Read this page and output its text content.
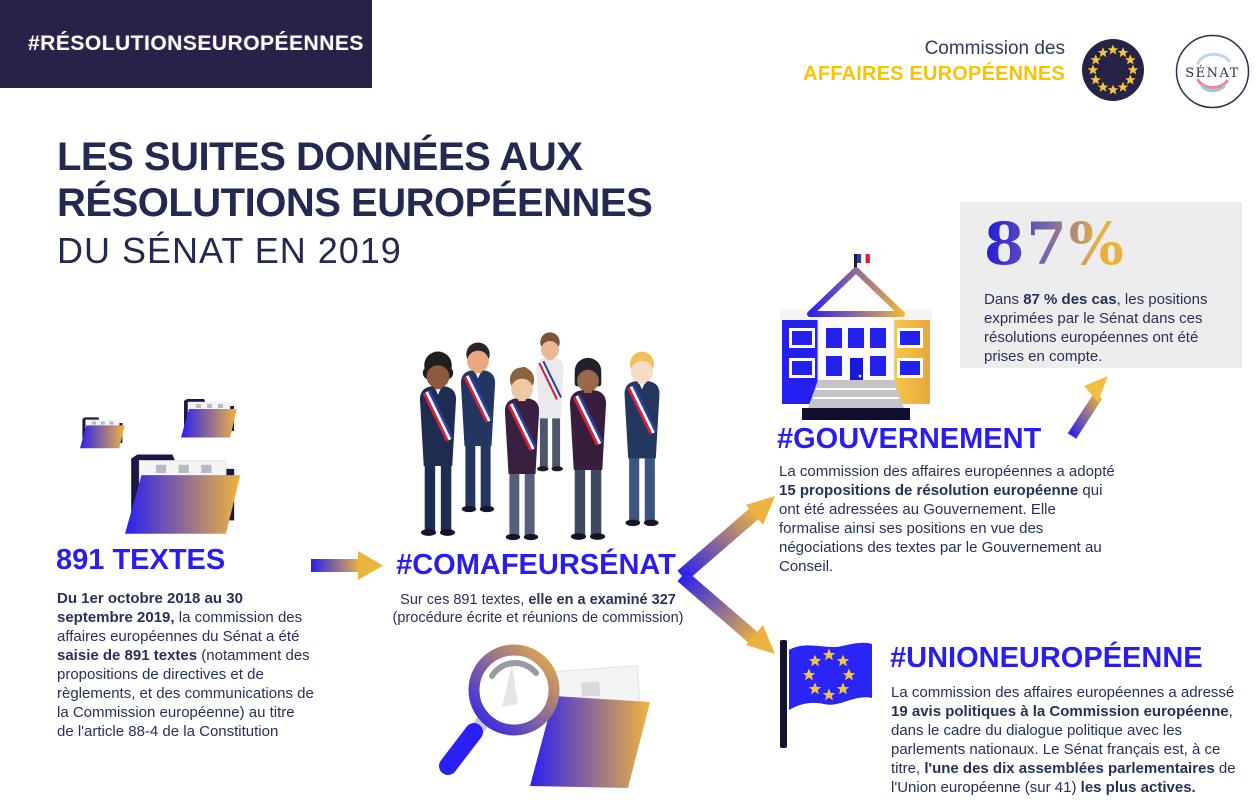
#RÉSOLUTIONSEUROPÉENNES	Commission des
AFFAIRES EUROPÉENNES	SÉNAT
LES SUITES DONNÉES AUX
RÉSOLUTIONS EUROPÉENNES
DU SÉNAT EN 2019	87%
Dans 87 % des cas, les positions exprimées par le Sénat dans ces résolutions européennes ont été prises en compte.
#GOUVERNEMENT
La commission des affaires européennes a adopté 15 propositions de résolution européenne qui ont été adressées au Gouvernement. Elle formalise ainsi ses positions en vue des négociations des textes par le Gouvernement au Conseil.
891 TEXTES
Du 1er octobre 2018 au 30 septembre 2019, la commission des affaires européennes du Sénat a été saisie de 891 textes (notamment des propositions de directives et de règlements, et des communications de la Commission européenne) au titre de l'article 88-4 de la Constitution
#COMAFEURSÉNAT
Sur ces 891 textes, elle en a examiné 327 (procédure écrite et réunions de commission)
#UNIONEUROPÉENNE
La commission des affaires européennes a adressé 19 avis politiques à la Commission européenne, dans le cadre du dialogue politique avec les parlements nationaux. Le Sénat français est, à ce titre, l'une des dix assemblées parlementaires de l'Union européenne (sur 41) les plus actives.
